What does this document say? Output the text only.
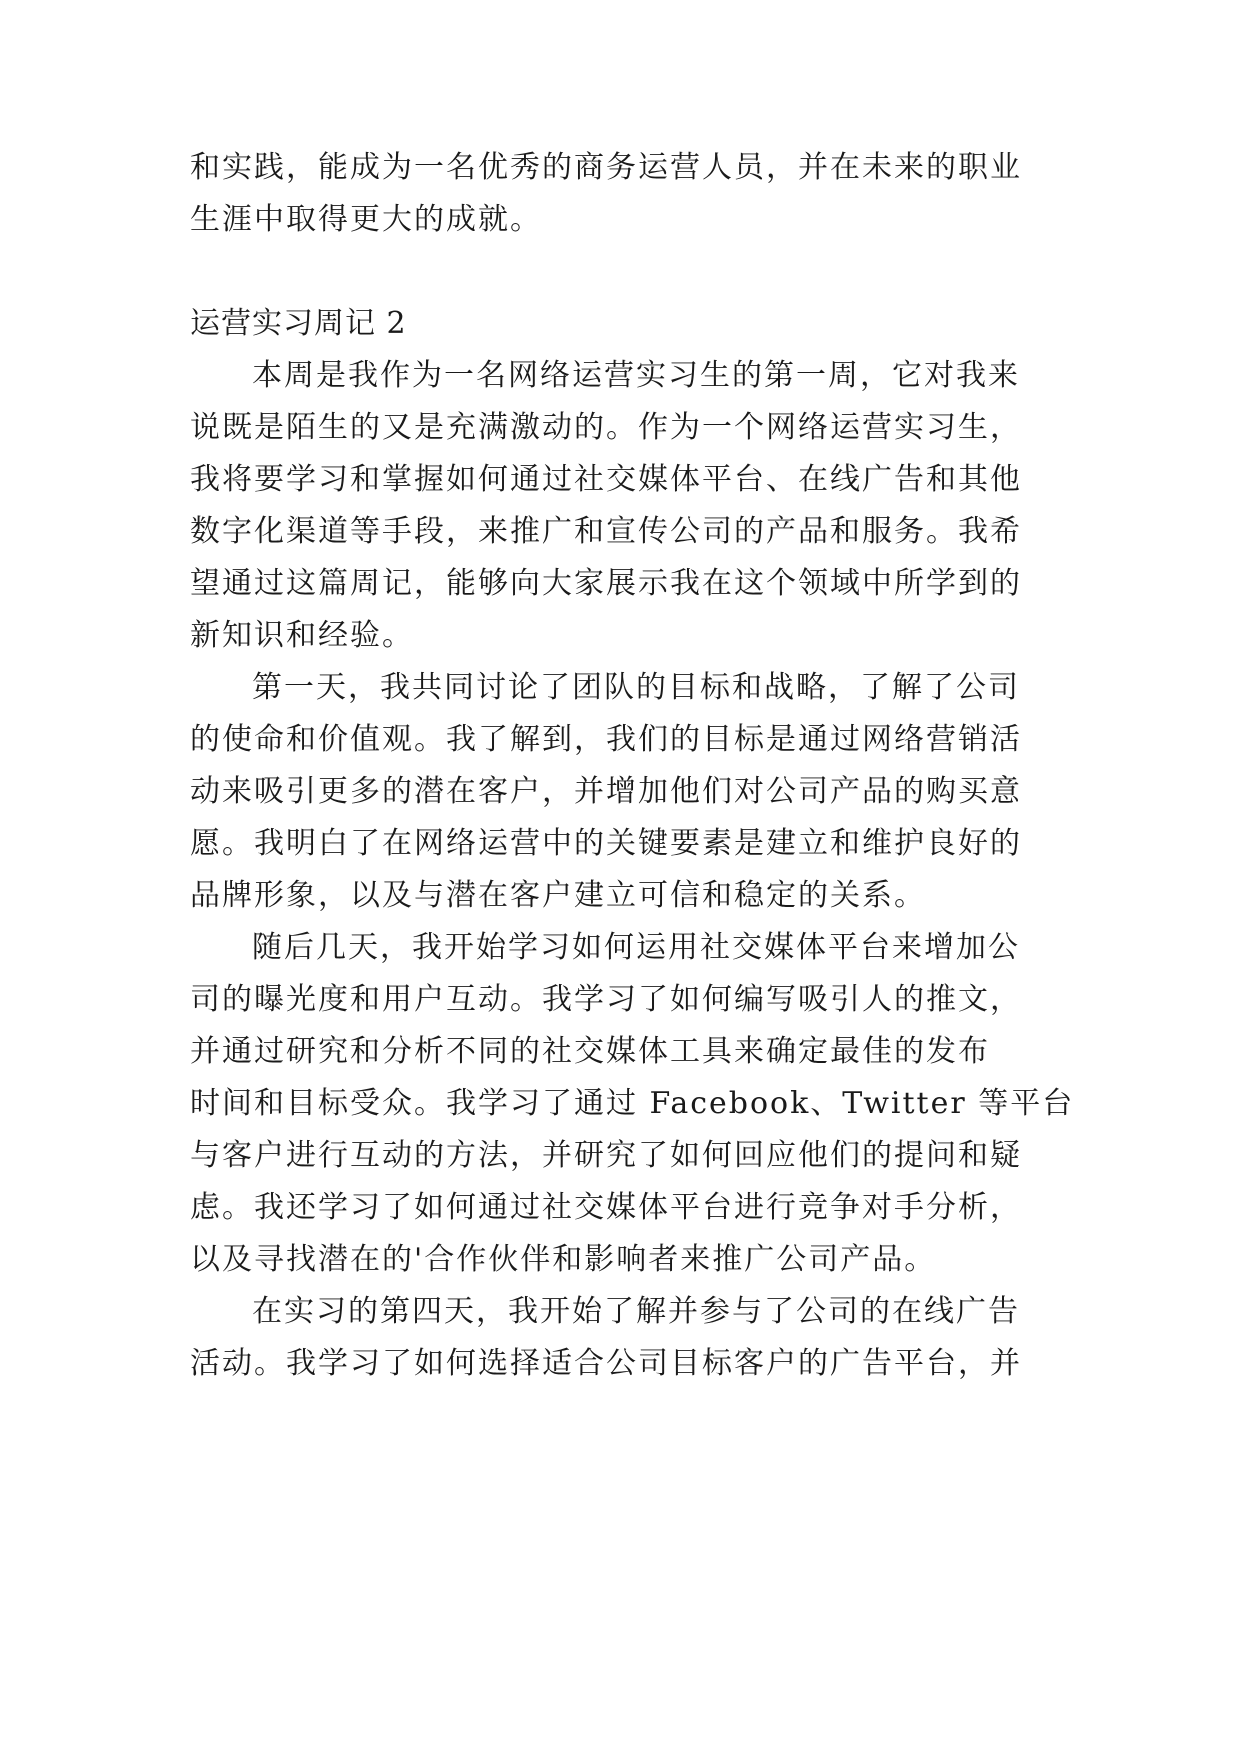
和实践，能成为一名优秀的商务运营人员，并在未来的职业
生涯中取得更大的成就。
运营实习周记 2
本周是我作为一名网络运营实习生的第一周，它对我来
说既是陌生的又是充满激动的。作为一个网络运营实习生，
我将要学习和掌握如何通过社交媒体平台、在线广告和其他
数字化渠道等手段，来推广和宣传公司的产品和服务。我希
望通过这篇周记，能够向大家展示我在这个领域中所学到的
新知识和经验。
第一天，我共同讨论了团队的目标和战略，了解了公司
的使命和价值观。我了解到，我们的目标是通过网络营销活
动来吸引更多的潜在客户，并增加他们对公司产品的购买意
愿。我明白了在网络运营中的关键要素是建立和维护良好的
品牌形象，以及与潜在客户建立可信和稳定的关系。
随后几天，我开始学习如何运用社交媒体平台来增加公
司的曝光度和用户互动。我学习了如何编写吸引人的推文，
并通过研究和分析不同的社交媒体工具来确定最佳的发布
时间和目标受众。我学习了通过 Facebook、Twitter 等平台
与客户进行互动的方法，并研究了如何回应他们的提问和疑
虑。我还学习了如何通过社交媒体平台进行竞争对手分析，
以及寻找潜在的'合作伙伴和影响者来推广公司产品。
在实习的第四天，我开始了解并参与了公司的在线广告
活动。我学习了如何选择适合公司目标客户的广告平台，并
